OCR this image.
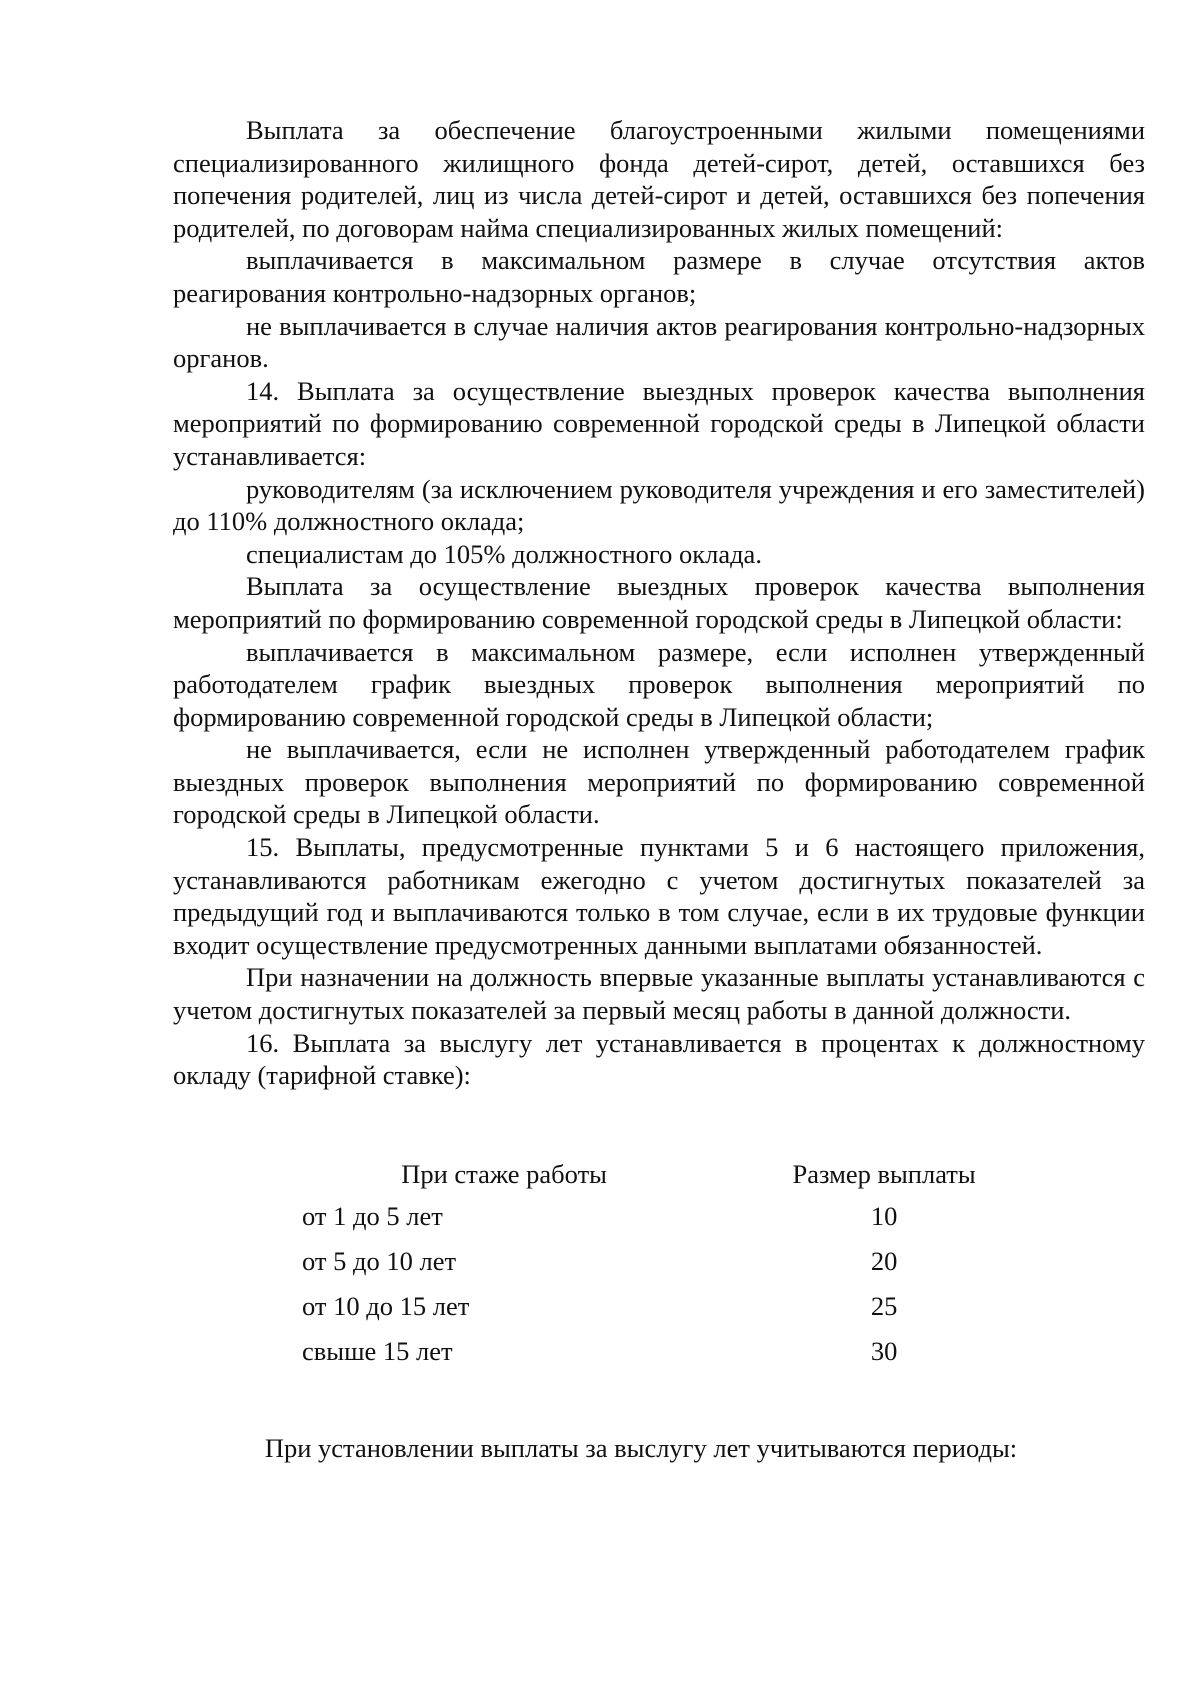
Выплата за обеспечение благоустроенными жилыми помещениями специализированного жилищного фонда детей-сирот, детей, оставшихся без попечения родителей, лиц из числа детей-сирот и детей, оставшихся без попечения родителей, по договорам найма специализированных жилых помещений:

выплачивается в максимальном размере в случае отсутствия актов реагирования контрольно-надзорных органов;

не выплачивается в случае наличия актов реагирования контрольно-надзорных органов.

14. Выплата за осуществление выездных проверок качества выполнения мероприятий по формированию современной городской среды в Липецкой области устанавливается:

руководителям (за исключением руководителя учреждения и его заместителей) до 110% должностного оклада;

специалистам до 105% должностного оклада.

Выплата за осуществление выездных проверок качества выполнения мероприятий по формированию современной городской среды в Липецкой области:

выплачивается в максимальном размере, если исполнен утвержденный работодателем график выездных проверок выполнения мероприятий по формированию современной городской среды в Липецкой области;

не выплачивается, если не исполнен утвержденный работодателем график выездных проверок выполнения мероприятий по формированию современной городской среды в Липецкой области.

15. Выплаты, предусмотренные пунктами 5 и 6 настоящего приложения, устанавливаются работникам ежегодно с учетом достигнутых показателей за предыдущий год и выплачиваются только в том случае, если в их трудовые функции входит осуществление предусмотренных данными выплатами обязанностей.

При назначении на должность впервые указанные выплаты устанавливаются с учетом достигнутых показателей за первый месяц работы в данной должности.

16. Выплата за выслугу лет устанавливается в процентах к должностному окладу (тарифной ставке):

При стаже работы	Размер выплаты
от 1 до 5 лет	10
от 5 до 10 лет	20
от 10 до 15 лет	25
свыше 15 лет	30

При установлении выплаты за выслугу лет учитываются периоды:
